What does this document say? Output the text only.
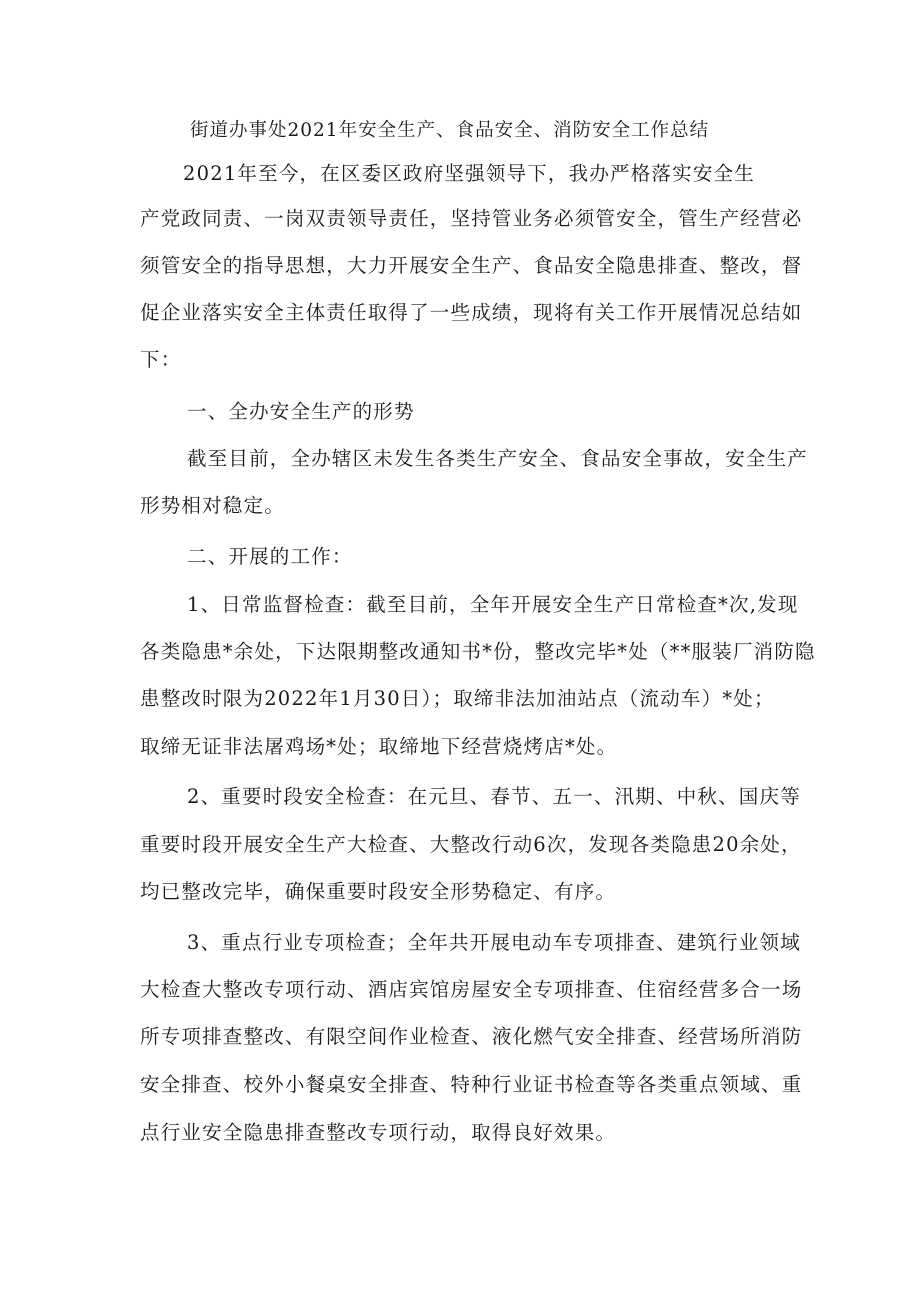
街道办事处2021年安全生产、食品安全、消防安全工作总结
2021年至今，在区委区政府坚强领导下，我办严格落实安全生
产党政同责、一岗双责领导责任，坚持管业务必须管安全，管生产经营必
须管安全的指导思想，大力开展安全生产、食品安全隐患排查、整改，督
促企业落实安全主体责任取得了一些成绩，现将有关工作开展情况总结如
下：
一、全办安全生产的形势
截至目前，全办辖区未发生各类生产安全、食品安全事故，安全生产
形势相对稳定。
二、开展的工作：
1、日常监督检查：截至目前，全年开展安全生产日常检查*次,发现
各类隐患*余处，下达限期整改通知书*份，整改完毕*处（**服装厂消防隐
患整改时限为2022年1月30日）；取缔非法加油站点（流动车）*处；
取缔无证非法屠鸡场*处；取缔地下经营烧烤店*处。
2、重要时段安全检查：在元旦、春节、五一、汛期、中秋、国庆等
重要时段开展安全生产大检查、大整改行动6次，发现各类隐患20余处，
均已整改完毕，确保重要时段安全形势稳定、有序。
3、重点行业专项检查；全年共开展电动车专项排查、建筑行业领域
大检查大整改专项行动、酒店宾馆房屋安全专项排查、住宿经营多合一场
所专项排查整改、有限空间作业检查、液化燃气安全排查、经营场所消防
安全排查、校外小餐桌安全排查、特种行业证书检查等各类重点领域、重
点行业安全隐患排查整改专项行动，取得良好效果。
